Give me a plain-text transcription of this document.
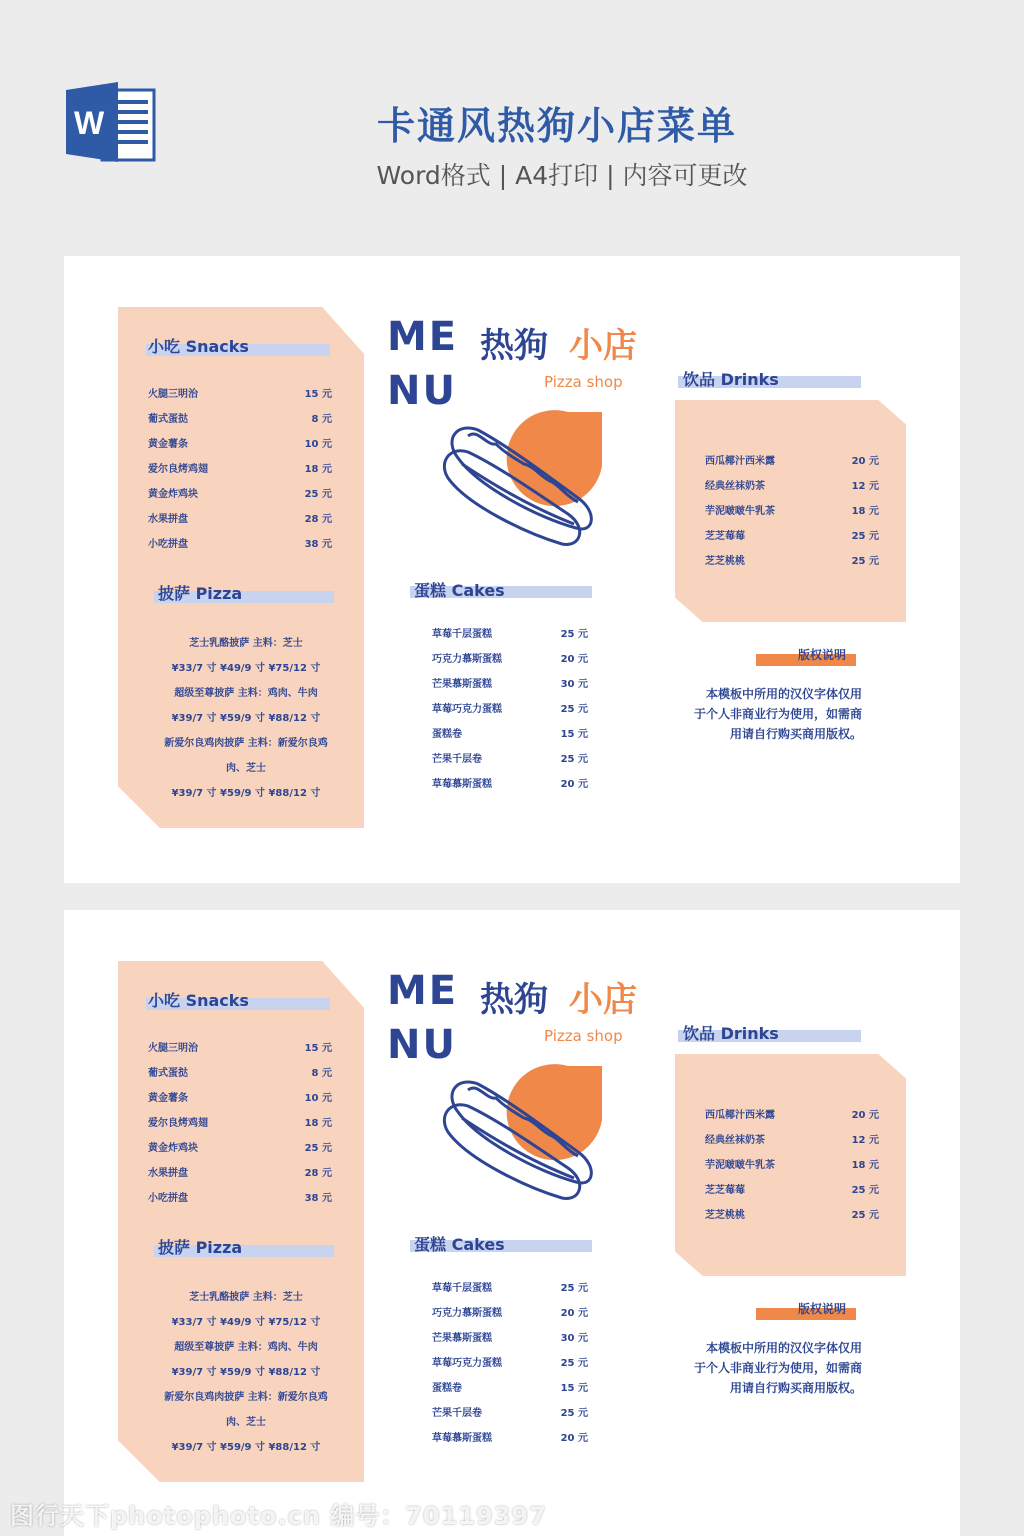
W	卡通风热狗小店菜单
Word格式 | A4打印 | 内容可更改
小吃 Snacks
火腿三明治	15 元
葡式蛋挞	8 元
黄金薯条	10 元
爱尔良烤鸡翅	18 元
黄金炸鸡块	25 元
水果拼盘	28 元
小吃拼盘	38 元
披萨 Pizza
芝士乳酪披萨 主料：芝士
¥33/7 寸 ¥49/9 寸 ¥75/12 寸
超级至尊披萨 主料：鸡肉、牛肉
¥39/7 寸 ¥59/9 寸 ¥88/12 寸
新爱尔良鸡肉披萨 主料：新爱尔良鸡
肉、芝士
¥39/7 寸 ¥59/9 寸 ¥88/12 寸
ME
NU
热狗 小店
Pizza shop
蛋糕 Cakes
草莓千层蛋糕	25 元
巧克力慕斯蛋糕	20 元
芒果慕斯蛋糕	30 元
草莓巧克力蛋糕	25 元
蛋糕卷	15 元
芒果千层卷	25 元
草莓慕斯蛋糕	20 元
饮品 Drinks
西瓜椰汁西米露	20 元
经典丝袜奶茶	12 元
芋泥啵啵牛乳茶	18 元
芝芝莓莓	25 元
芝芝桃桃	25 元
版权说明
本模板中所用的汉仪字体仅用
于个人非商业行为使用，如需商
用请自行购买商用版权。
小吃 Snacks
火腿三明治	15 元
葡式蛋挞	8 元
黄金薯条	10 元
爱尔良烤鸡翅	18 元
黄金炸鸡块	25 元
水果拼盘	28 元
小吃拼盘	38 元
披萨 Pizza
芝士乳酪披萨 主料：芝士
¥33/7 寸 ¥49/9 寸 ¥75/12 寸
超级至尊披萨 主料：鸡肉、牛肉
¥39/7 寸 ¥59/9 寸 ¥88/12 寸
新爱尔良鸡肉披萨 主料：新爱尔良鸡
肉、芝士
¥39/7 寸 ¥59/9 寸 ¥88/12 寸
ME
NU
热狗 小店
Pizza shop
蛋糕 Cakes
草莓千层蛋糕	25 元
巧克力慕斯蛋糕	20 元
芒果慕斯蛋糕	30 元
草莓巧克力蛋糕	25 元
蛋糕卷	15 元
芒果千层卷	25 元
草莓慕斯蛋糕	20 元
饮品 Drinks
西瓜椰汁西米露	20 元
经典丝袜奶茶	12 元
芋泥啵啵牛乳茶	18 元
芝芝莓莓	25 元
芝芝桃桃	25 元
版权说明
本模板中所用的汉仪字体仅用
于个人非商业行为使用，如需商
用请自行购买商用版权。
图行天下photophoto.cn 编号：70119397
